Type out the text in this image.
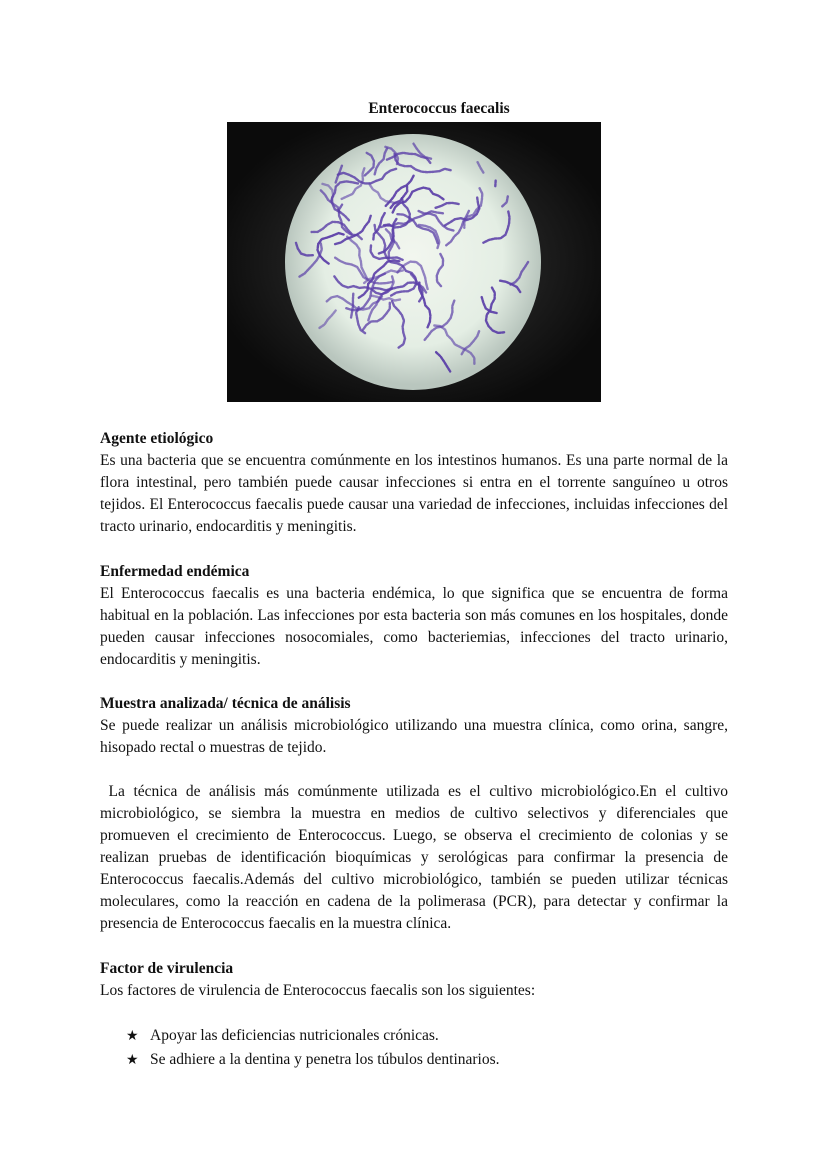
Enterococcus faecalis

Agente etiológico

Es una bacteria que se encuentra comúnmente en los intestinos humanos. Es una parte normal de la flora intestinal, pero también puede causar infecciones si entra en el torrente sanguíneo u otros tejidos. El Enterococcus faecalis puede causar una variedad de infecciones, incluidas infecciones del tracto urinario, endocarditis y meningitis.

Enfermedad endémica

El Enterococcus faecalis es una bacteria endémica, lo que significa que se encuentra de forma habitual en la población. Las infecciones por esta bacteria son más comunes en los hospitales, donde pueden causar infecciones nosocomiales, como bacteriemias, infecciones del tracto urinario, endocarditis y meningitis.

Muestra analizada/ técnica de análisis

Se puede realizar un análisis microbiológico utilizando una muestra clínica, como orina, sangre, hisopado rectal o muestras de tejido.

La técnica de análisis más comúnmente utilizada es el cultivo microbiológico.En el cultivo microbiológico, se siembra la muestra en medios de cultivo selectivos y diferenciales que promueven el crecimiento de Enterococcus. Luego, se observa el crecimiento de colonias y se realizan pruebas de identificación bioquímicas y serológicas para confirmar la presencia de Enterococcus faecalis.Además del cultivo microbiológico, también se pueden utilizar técnicas moleculares, como la reacción en cadena de la polimerasa (PCR), para detectar y confirmar la presencia de Enterococcus faecalis en la muestra clínica.

Factor de virulencia

Los factores de virulencia de Enterococcus faecalis son los siguientes:

★ Apoyar las deficiencias nutricionales crónicas.
★ Se adhiere a la dentina y penetra los túbulos dentinarios.
